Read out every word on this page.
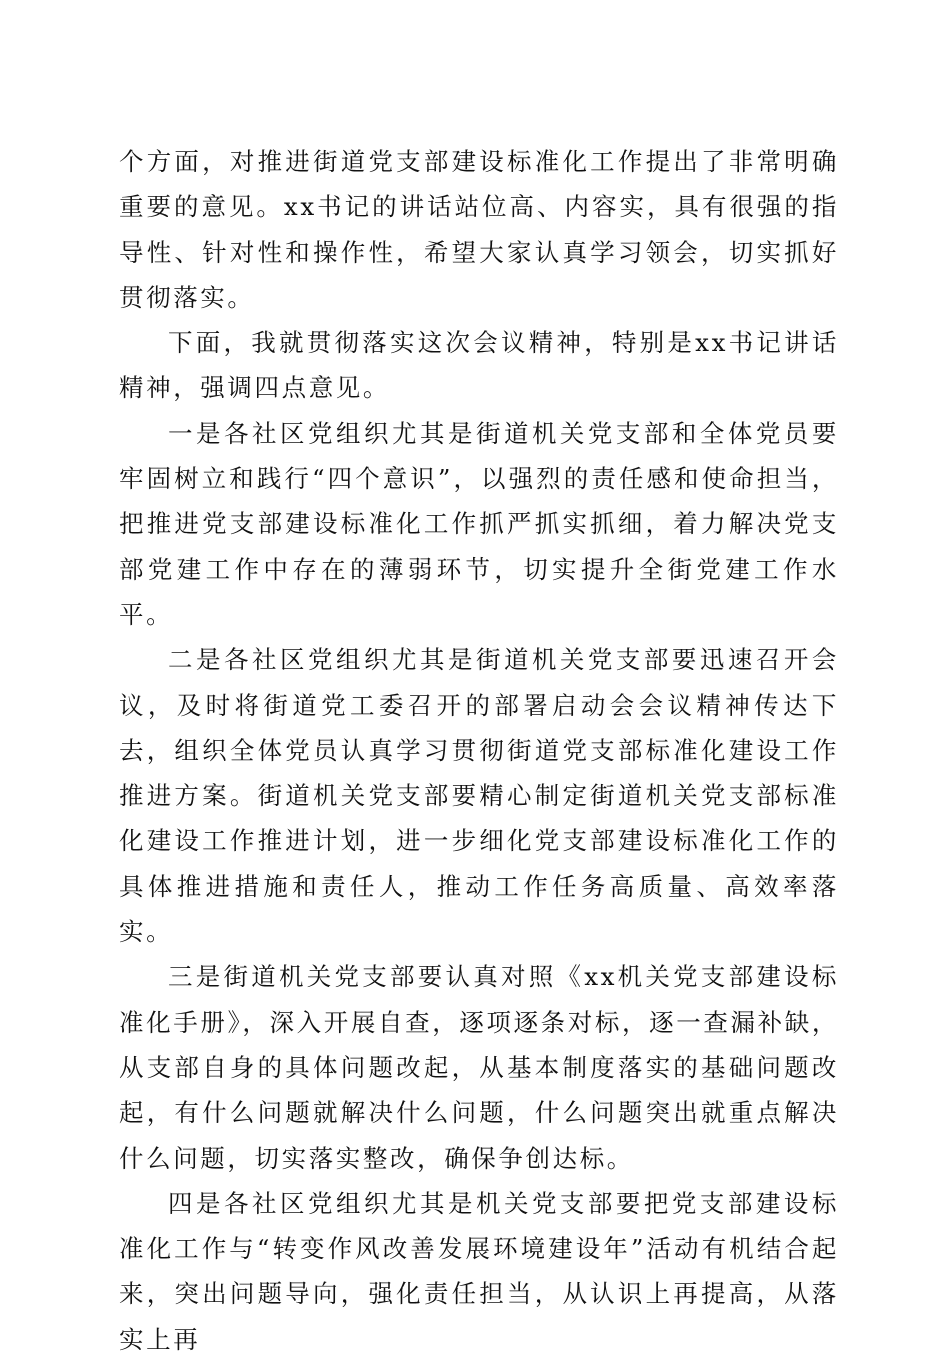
个方面，对推进街道党支部建设标准化工作提出了非常明确重要的意见。xx书记的讲话站位高、内容实，具有很强的指导性、针对性和操作性，希望大家认真学习领会，切实抓好贯彻落实。

下面，我就贯彻落实这次会议精神，特别是xx书记讲话精神，强调四点意见。

一是各社区党组织尤其是街道机关党支部和全体党员要牢固树立和践行“四个意识”，以强烈的责任感和使命担当，把推进党支部建设标准化工作抓严抓实抓细，着力解决党支部党建工作中存在的薄弱环节，切实提升全街党建工作水平。

二是各社区党组织尤其是街道机关党支部要迅速召开会议，及时将街道党工委召开的部署启动会会议精神传达下去，组织全体党员认真学习贯彻街道党支部标准化建设工作推进方案。街道机关党支部要精心制定街道机关党支部标准化建设工作推进计划，进一步细化党支部建设标准化工作的具体推进措施和责任人，推动工作任务高质量、高效率落实。

三是街道机关党支部要认真对照《xx机关党支部建设标准化手册》，深入开展自查，逐项逐条对标，逐一查漏补缺，从支部自身的具体问题改起，从基本制度落实的基础问题改起，有什么问题就解决什么问题，什么问题突出就重点解决什么问题，切实落实整改，确保争创达标。

四是各社区党组织尤其是机关党支部要把党支部建设标准化工作与“转变作风改善发展环境建设年”活动有机结合起来，突出问题导向，强化责任担当，从认识上再提高，从落实上再
